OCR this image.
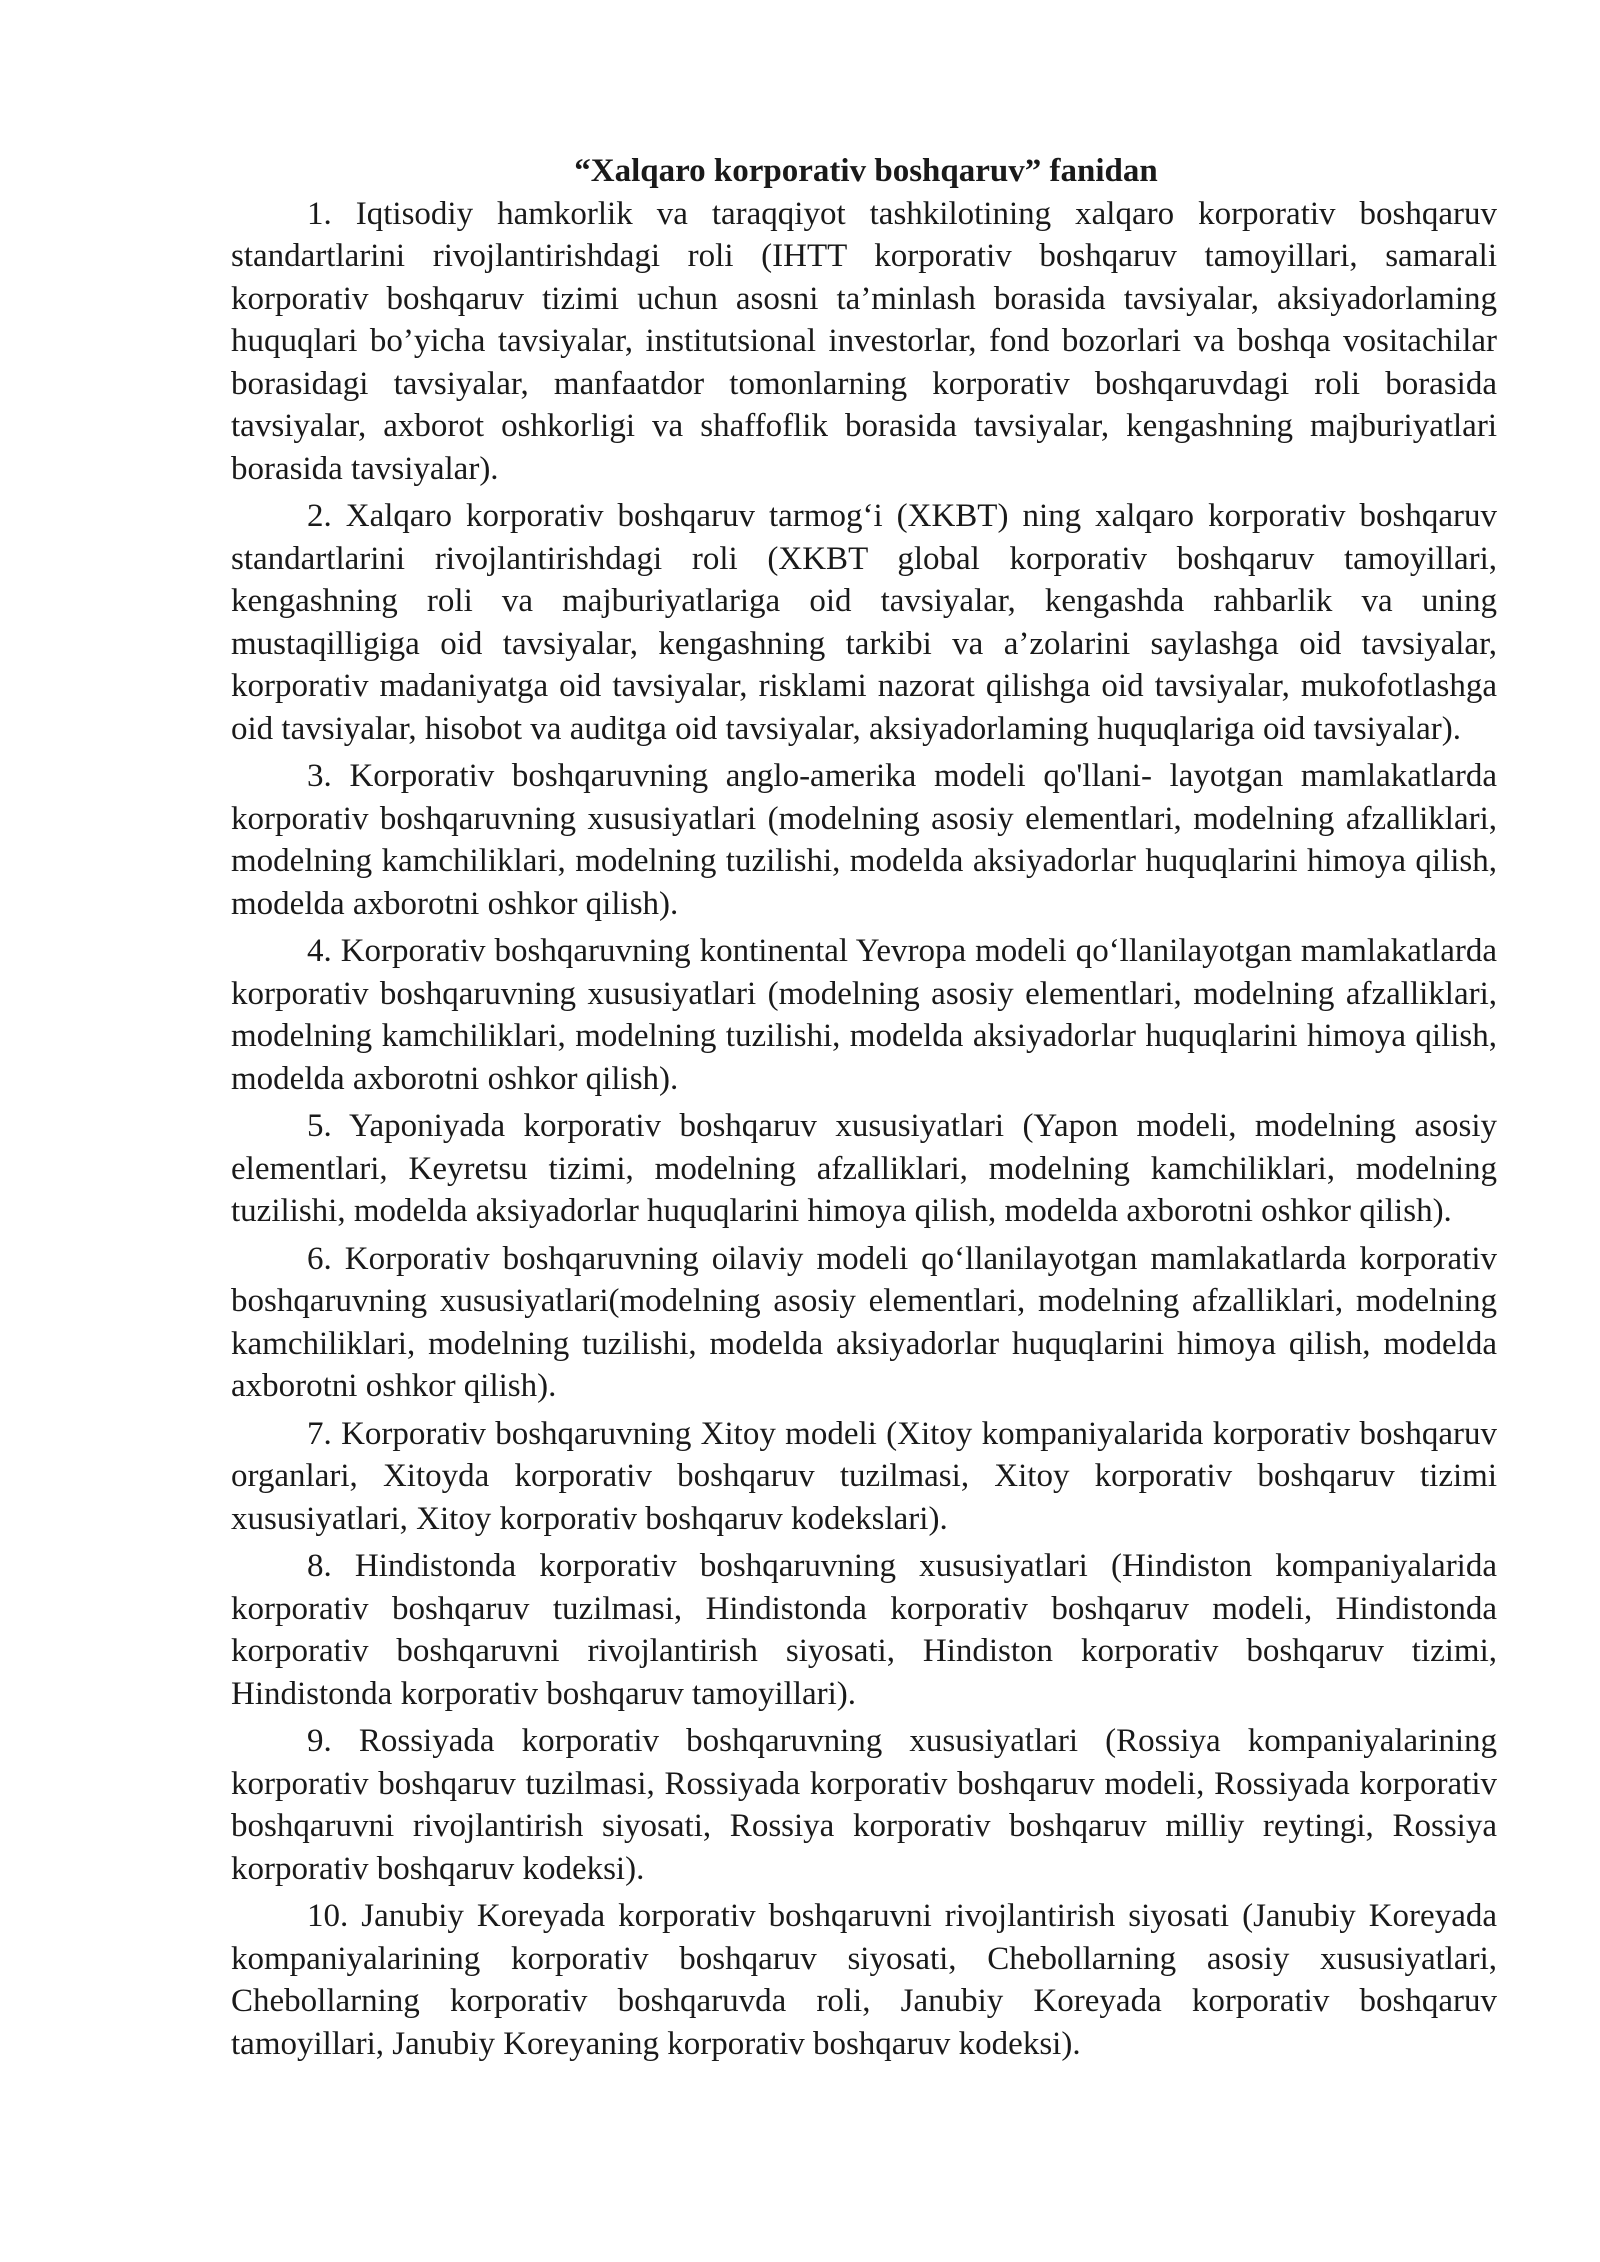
“Xalqaro korporativ boshqaruv” fanidan

1. Iqtisodiy hamkorlik va taraqqiyot tashkilotining xalqaro korporativ boshqaruv standartlarini rivojlantirishdagi roli (IHTT korporativ boshqaruv tamoyillari, samarali korporativ boshqaruv tizimi uchun asosni ta’minlash borasida tavsiyalar, aksiyadorlaming huquqlari bo’yicha tavsiyalar, institutsional investorlar, fond bozorlari va boshqa vositachilar borasidagi tavsiyalar, manfaatdor tomonlarning korporativ boshqaruvdagi roli borasida tavsiyalar, axborot oshkorligi va shaffoflik borasida tavsiyalar, kengashning majburiyatlari borasida tavsiyalar).

2. Xalqaro korporativ boshqaruv tarmog‘i (XKBT) ning xalqaro korporativ boshqaruv standartlarini rivojlantirishdagi roli (XKBT global korporativ boshqaruv tamoyillari, kengashning roli va majburiyatlariga oid tavsiyalar, kengashda rahbarlik va uning mustaqilligiga oid tavsiyalar, kengashning tarkibi va a’zolarini saylashga oid tavsiyalar, korporativ madaniyatga oid tavsiyalar, risklami nazorat qilishga oid tavsiyalar, mukofotlashga oid tavsiyalar, hisobot va auditga oid tavsiyalar, aksiyadorlaming huquqlariga oid tavsiyalar).

3. Korporativ boshqaruvning anglo-amerika modeli qo'llani- layotgan mamlakatlarda korporativ boshqaruvning xususiyatlari (modelning asosiy elementlari, modelning afzalliklari, modelning kamchiliklari, modelning tuzilishi, modelda aksiyadorlar huquqlarini himoya qilish, modelda axborotni oshkor qilish).

4. Korporativ boshqaruvning kontinental Yevropa modeli qo‘llanilayotgan mamlakatlarda korporativ boshqaruvning xususiyatlari (modelning asosiy elementlari, modelning afzalliklari, modelning kamchiliklari, modelning tuzilishi, modelda aksiyadorlar huquqlarini himoya qilish, modelda axborotni oshkor qilish).

5. Yaponiyada korporativ boshqaruv xususiyatlari (Yapon modeli, modelning asosiy elementlari, Keyretsu tizimi, modelning afzalliklari, modelning kamchiliklari, modelning tuzilishi, modelda aksiyadorlar huquqlarini himoya qilish, modelda axborotni oshkor qilish).

6. Korporativ boshqaruvning oilaviy modeli qo‘llanilayotgan mamlakatlarda korporativ boshqaruvning xususiyatlari(modelning asosiy elementlari, modelning afzalliklari, modelning kamchiliklari, modelning tuzilishi, modelda aksiyadorlar huquqlarini himoya qilish, modelda axborotni oshkor qilish).

7. Korporativ boshqaruvning Xitoy modeli (Xitoy kompaniyalarida korporativ boshqaruv organlari, Xitoyda korporativ boshqaruv tuzilmasi, Xitoy korporativ boshqaruv tizimi xususiyatlari, Xitoy korporativ boshqaruv kodekslari).

8. Hindistonda korporativ boshqaruvning xususiyatlari (Hindiston kompaniyalarida korporativ boshqaruv tuzilmasi, Hindistonda korporativ boshqaruv modeli, Hindistonda korporativ boshqaruvni rivojlantirish siyosati, Hindiston korporativ boshqaruv tizimi, Hindistonda korporativ boshqaruv tamoyillari).

9. Rossiyada korporativ boshqaruvning xususiyatlari (Rossiya kompaniyalarining korporativ boshqaruv tuzilmasi, Rossiyada korporativ boshqaruv modeli, Rossiyada korporativ boshqaruvni rivojlantirish siyosati, Rossiya korporativ boshqaruv milliy reytingi, Rossiya korporativ boshqaruv kodeksi).

10. Janubiy Koreyada korporativ boshqaruvni rivojlantirish siyosati (Janubiy Koreyada kompaniyalarining korporativ boshqaruv siyosati, Chebollarning asosiy xususiyatlari, Chebollarning korporativ boshqaruvda roli, Janubiy Koreyada korporativ boshqaruv tamoyillari, Janubiy Koreyaning korporativ boshqaruv kodeksi).
